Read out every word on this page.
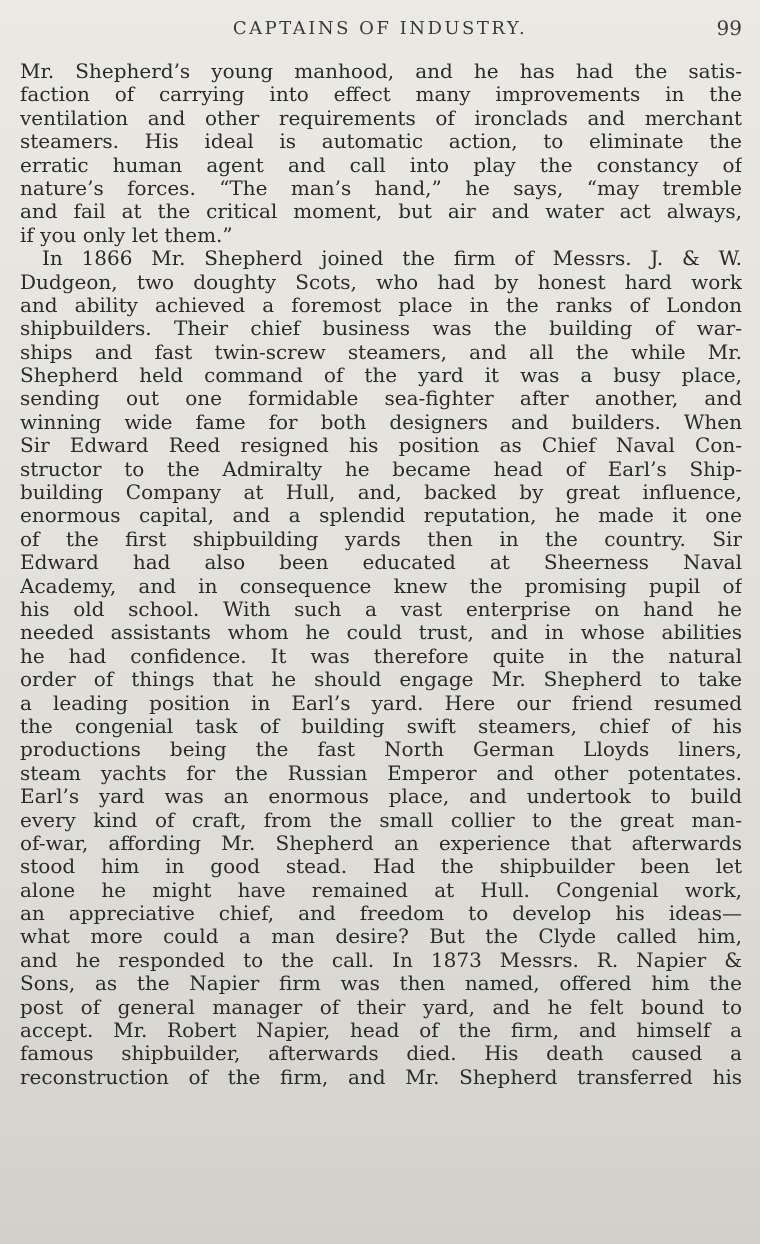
CAPTAINS OF INDUSTRY.	99
Mr. Shepherd’s young manhood, and he has had the satis-
faction of carrying into effect many improvements in the
ventilation and other requirements of ironclads and merchant
steamers. His ideal is automatic action, to eliminate the
erratic human agent and call into play the constancy of
nature’s forces. “The man’s hand,” he says, “may tremble
and fail at the critical moment, but air and water act always,
if you only let them.”
In 1866 Mr. Shepherd joined the firm of Messrs. J. & W.
Dudgeon, two doughty Scots, who had by honest hard work
and ability achieved a foremost place in the ranks of London
shipbuilders. Their chief business was the building of war-
ships and fast twin-screw steamers, and all the while Mr.
Shepherd held command of the yard it was a busy place,
sending out one formidable sea-fighter after another, and
winning wide fame for both designers and builders. When
Sir Edward Reed resigned his position as Chief Naval Con-
structor to the Admiralty he became head of Earl’s Ship-
building Company at Hull, and, backed by great influence,
enormous capital, and a splendid reputation, he made it one
of the first shipbuilding yards then in the country. Sir
Edward had also been educated at Sheerness Naval
Academy, and in consequence knew the promising pupil of
his old school. With such a vast enterprise on hand he
needed assistants whom he could trust, and in whose abilities
he had confidence. It was therefore quite in the natural
order of things that he should engage Mr. Shepherd to take
a leading position in Earl’s yard. Here our friend resumed
the congenial task of building swift steamers, chief of his
productions being the fast North German Lloyds liners,
steam yachts for the Russian Emperor and other potentates.
Earl’s yard was an enormous place, and undertook to build
every kind of craft, from the small collier to the great man-
of-war, affording Mr. Shepherd an experience that afterwards
stood him in good stead. Had the shipbuilder been let
alone he might have remained at Hull. Congenial work,
an appreciative chief, and freedom to develop his ideas—
what more could a man desire? But the Clyde called him,
and he responded to the call. In 1873 Messrs. R. Napier &
Sons, as the Napier firm was then named, offered him the
post of general manager of their yard, and he felt bound to
accept. Mr. Robert Napier, head of the firm, and himself a
famous shipbuilder, afterwards died. His death caused a
reconstruction of the firm, and Mr. Shepherd transferred his
